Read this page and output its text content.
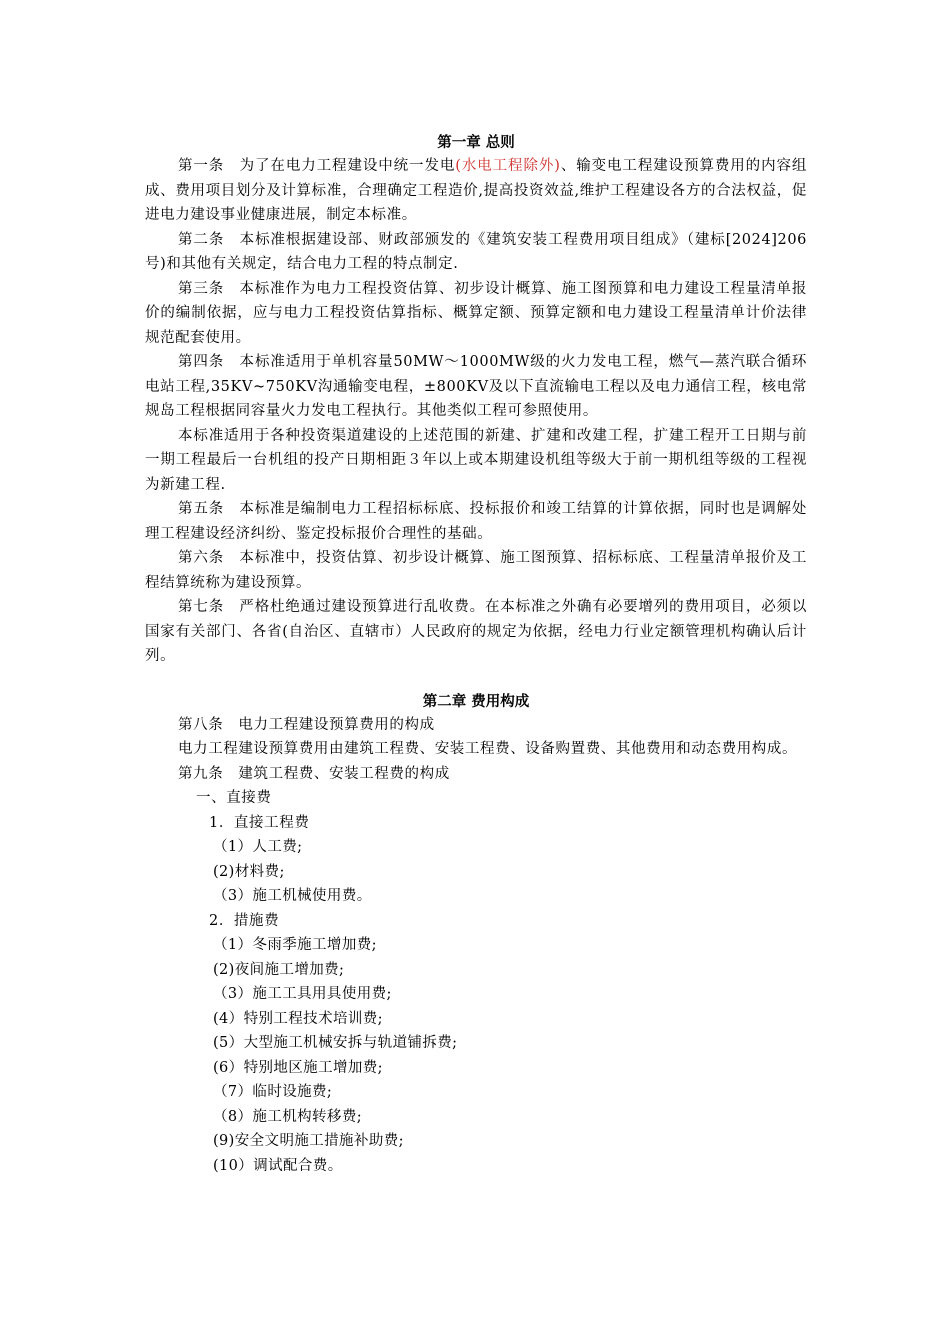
第一章 总则

第一条　为了在电力工程建设中统一发电(水电工程除外)、输变电工程建设预算费用的内容组成、费用项目划分及计算标准，合理确定工程造价,提高投资效益,维护工程建设各方的合法权益，促进电力建设事业健康进展，制定本标准。

第二条　本标准根据建设部、财政部颁发的《建筑安装工程费用项目组成》（建标[2024]206号)和其他有关规定，结合电力工程的特点制定.

第三条　本标准作为电力工程投资估算、初步设计概算、施工图预算和电力建设工程量清单报价的编制依据，应与电力工程投资估算指标、概算定额、预算定额和电力建设工程量清单计价法律规范配套使用。

第四条　本标准适用于单机容量50MW～1000MW级的火力发电工程，燃气—蒸汽联合循环电站工程,35KV~750KV沟通输变电程，±800KV及以下直流输电工程以及电力通信工程，核电常规岛工程根据同容量火力发电工程执行。其他类似工程可参照使用。

本标准适用于各种投资渠道建设的上述范围的新建、扩建和改建工程，扩建工程开工日期与前一期工程最后一台机组的投产日期相距３年以上或本期建设机组等级大于前一期机组等级的工程视为新建工程.

第五条　本标准是编制电力工程招标标底、投标报价和竣工结算的计算依据，同时也是调解处理工程建设经济纠纷、鉴定投标报价合理性的基础。

第六条　本标准中，投资估算、初步设计概算、施工图预算、招标标底、工程量清单报价及工程结算统称为建设预算。

第七条　严格杜绝通过建设预算进行乱收费。在本标准之外确有必要增列的费用项目，必须以国家有关部门、各省(自治区、直辖市）人民政府的规定为依据，经电力行业定额管理机构确认后计列。

第二章 费用构成

第八条　电力工程建设预算费用的构成

电力工程建设预算费用由建筑工程费、安装工程费、设备购置费、其他费用和动态费用构成。

第九条　建筑工程费、安装工程费的构成

一、直接费

1．直接工程费

（1）人工费;

(2)材料费;

（3）施工机械使用费。

2．措施费

（1）冬雨季施工增加费;

(2)夜间施工增加费;

（3）施工工具用具使用费;

(4）特别工程技术培训费;

(5）大型施工机械安拆与轨道铺拆费;

(6）特别地区施工增加费;

（7）临时设施费;

（8）施工机构转移费;

(9)安全文明施工措施补助费;

(10）调试配合费。
